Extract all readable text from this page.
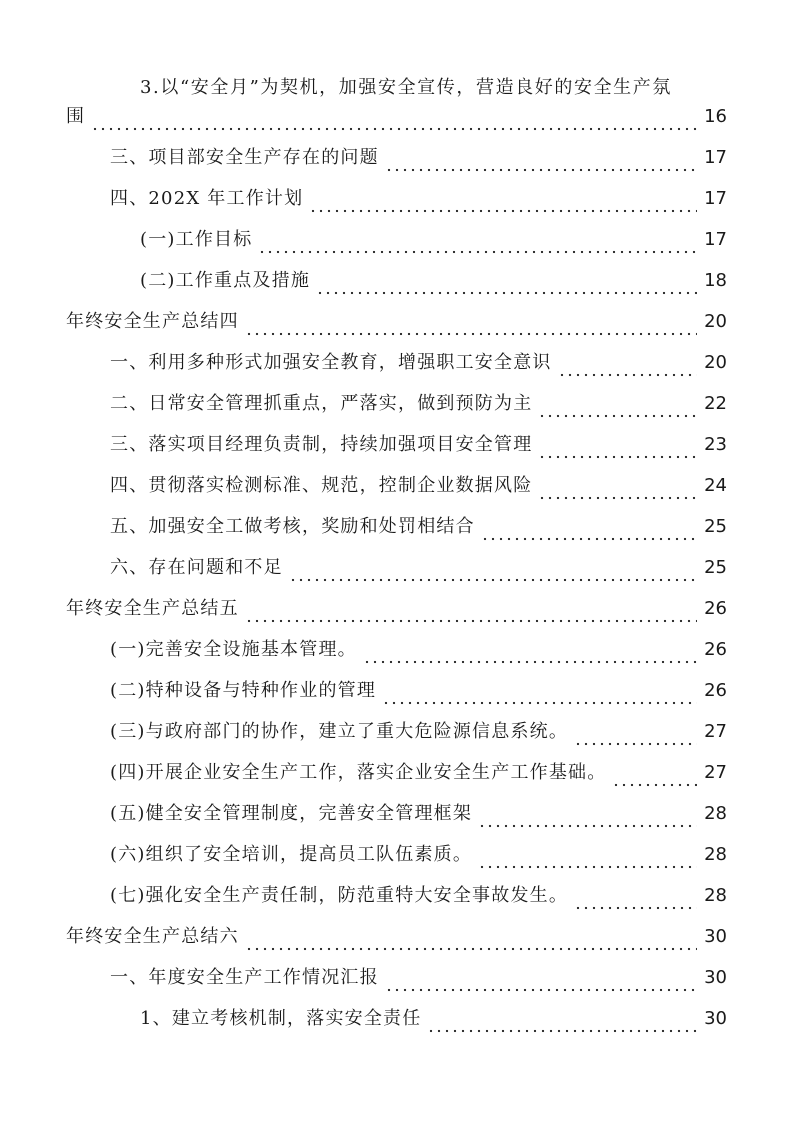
3.以“安全月”为契机，加强安全宣传，营造良好的安全生产氛
围	16
三、项目部安全生产存在的问题	17
四、202X 年工作计划	17
(一)工作目标	17
(二)工作重点及措施	18
年终安全生产总结四	20
一、利用多种形式加强安全教育，增强职工安全意识	20
二、日常安全管理抓重点，严落实，做到预防为主	22
三、落实项目经理负责制，持续加强项目安全管理	23
四、贯彻落实检测标准、规范，控制企业数据风险	24
五、加强安全工做考核，奖励和处罚相结合	25
六、存在问题和不足	25
年终安全生产总结五	26
(一)完善安全设施基本管理。	26
(二)特种设备与特种作业的管理	26
(三)与政府部门的协作，建立了重大危险源信息系统。	27
(四)开展企业安全生产工作，落实企业安全生产工作基础。	27
(五)健全安全管理制度，完善安全管理框架	28
(六)组织了安全培训，提高员工队伍素质。	28
(七)强化安全生产责任制，防范重特大安全事故发生。	28
年终安全生产总结六	30
一、年度安全生产工作情况汇报	30
1、建立考核机制，落实安全责任	30
